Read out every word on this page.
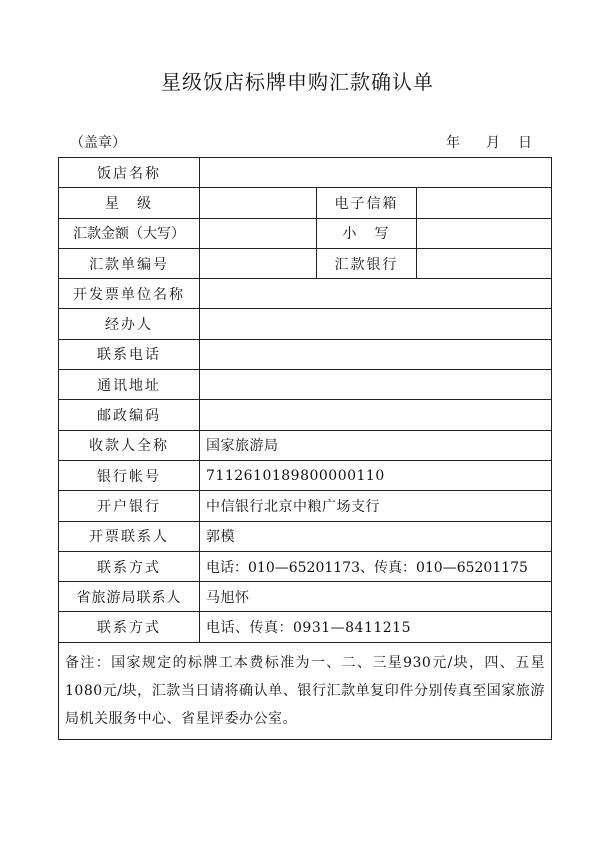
星级饭店标牌申购汇款确认单
（盖章）	年 月 日
饭店名称			
星　级		电子信箱	
汇款金额（大写）		小　写	
汇款单编号		汇款银行	
开发票单位名称			
经办人			
联系电话			
通讯地址			
邮政编码			
收款人全称	国家旅游局		
银行帐号	711261018980000011​0		
开户银行	中信银行北京中粮广场支行		
开票联系人	郭模		
联系方式	电话：010—65201173、传真：010—65201175		
省旅游局联系人	马旭怀		
联系方式	电话、传真：0931—8411215		
备注：国家规定的标牌工本费标准为一、二、三星930元/块，四、五星1080元/块，汇款当日请将确认单、银行汇款单复印件分别传真至国家旅游局机关服务中心、省星评委办公室。			
